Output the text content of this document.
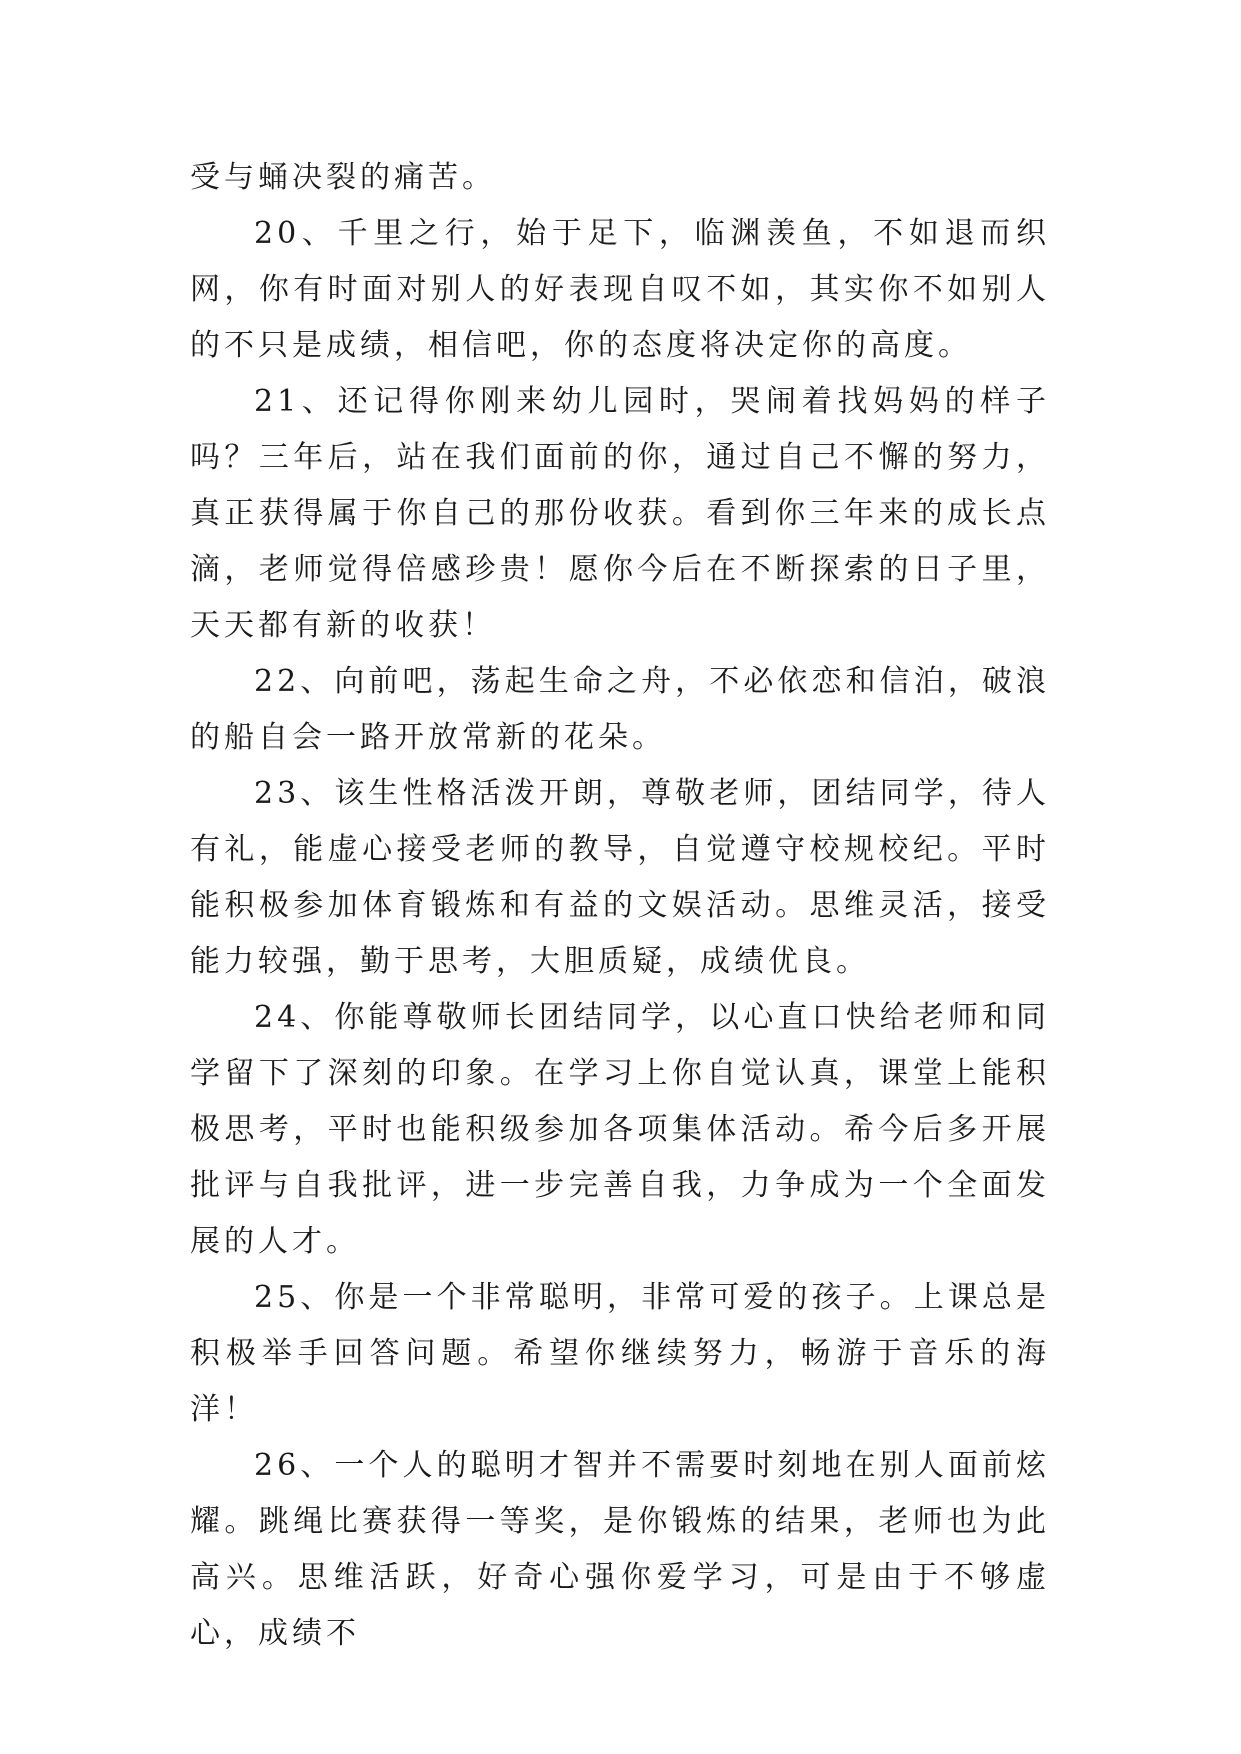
受与蛹决裂的痛苦。

20、千里之行，始于足下，临渊羡鱼，不如退而织网，你有时面对别人的好表现自叹不如，其实你不如别人的不只是成绩，相信吧，你的态度将决定你的高度。

21、还记得你刚来幼儿园时，哭闹着找妈妈的样子吗？三年后，站在我们面前的你，通过自己不懈的努力，真正获得属于你自己的那份收获。看到你三年来的成长点滴，老师觉得倍感珍贵！愿你今后在不断探索的日子里，天天都有新的收获！

22、向前吧，荡起生命之舟，不必依恋和信泊，破浪的船自会一路开放常新的花朵。

23、该生性格活泼开朗，尊敬老师，团结同学，待人有礼，能虚心接受老师的教导，自觉遵守校规校纪。平时能积极参加体育锻炼和有益的文娱活动。思维灵活，接受能力较强，勤于思考，大胆质疑，成绩优良。

24、你能尊敬师长团结同学，以心直口快给老师和同学留下了深刻的印象。在学习上你自觉认真，课堂上能积极思考，平时也能积级参加各项集体活动。希今后多开展批评与自我批评，进一步完善自我，力争成为一个全面发展的人才。

25、你是一个非常聪明，非常可爱的孩子。上课总是积极举手回答问题。希望你继续努力，畅游于音乐的海洋！

26、一个人的聪明才智并不需要时刻地在别人面前炫耀。跳绳比赛获得一等奖，是你锻炼的结果，老师也为此高兴。思维活跃，好奇心强你爱学习，可是由于不够虚心，成绩不
